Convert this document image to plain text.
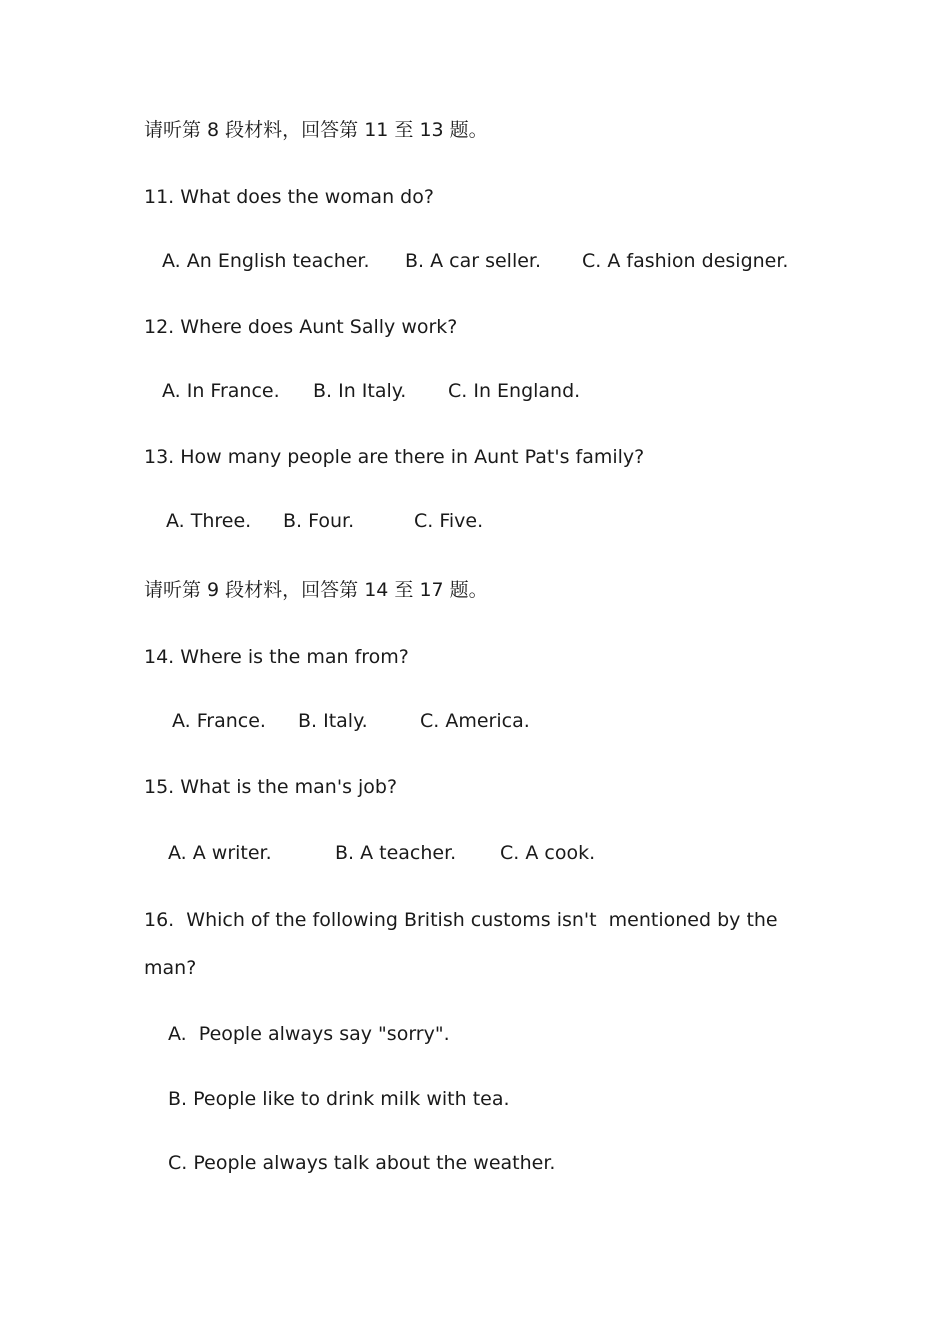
请听第 8 段材料，回答第 11 至 13 题。
11. What does the woman do?
A. An English teacher. B. A car seller. C. A fashion designer.
12. Where does Aunt Sally work?
A. In France. B. In Italy. C. In England.
13. How many people are there in Aunt Pat's family?
A. Three. B. Four.	C. Five.
请听第 9 段材料，回答第 14 至 17 题。
14. Where is the man from?
A. France. B. Italy.	C. America.
15. What is the man's job?
A. A writer.	B. A teacher. C. A cook.
16.  Which of the following British customs isn't  mentioned by the
man?
A.  People always say "sorry".
B. People like to drink milk with tea.
C. People always talk about the weather.
